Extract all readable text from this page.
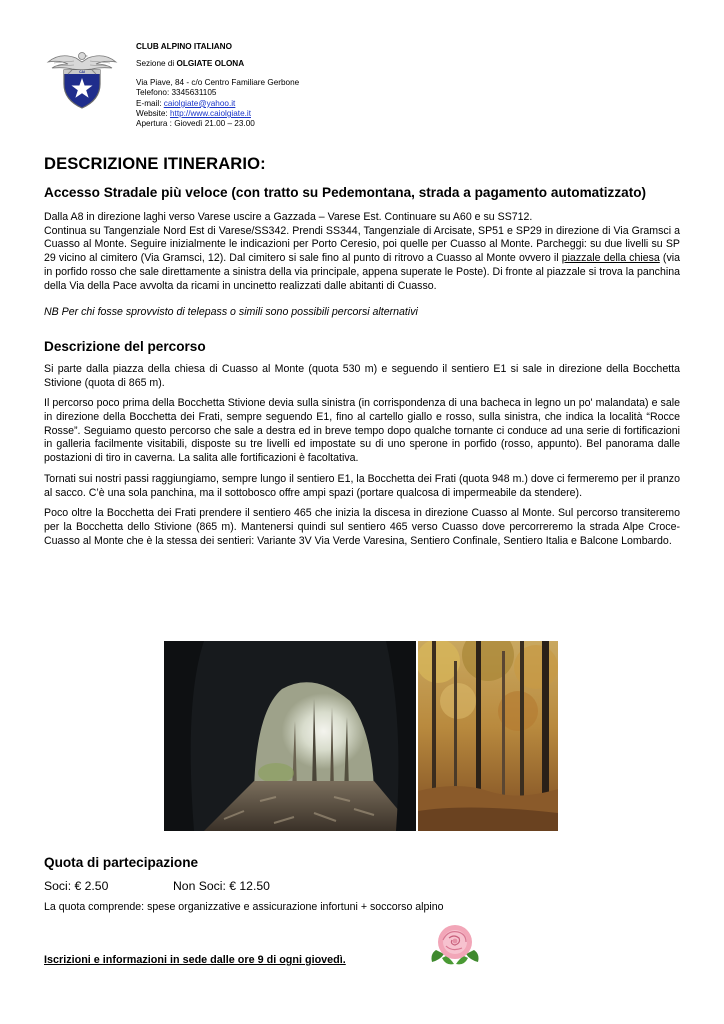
CAI
CLUB ALPINO ITALIANO
Sezione di OLGIATE OLONA
Via Piave, 84 - c/o Centro Familiare Gerbone
Telefono: 3345631105
E-mail: caiolgiate@yahoo.it
Website: http://www.caiolgiate.it
Apertura : Giovedì 21.00 – 23.00
DESCRIZIONE ITINERARIO:
Accesso Stradale più veloce (con tratto su Pedemontana, strada a pagamento automatizzato)

Dalla A8 in direzione laghi verso Varese uscire a Gazzada – Varese Est. Continuare su A60 e su SS712.

Continua su Tangenziale Nord Est di Varese/SS342. Prendi SS344, Tangenziale di Arcisate, SP51 e SP29 in direzione di Via Gramsci a Cuasso al Monte. Seguire inizialmente le indicazioni per Porto Ceresio, poi quelle per Cuasso al Monte. Parcheggi: su due livelli su SP 29 vicino al cimitero (Via Gramsci, 12). Dal cimitero si sale fino al punto di ritrovo a Cuasso al Monte ovvero il piazzale della chiesa (via in porfido rosso che sale direttamente a sinistra della via principale, appena superate le Poste). Di fronte al piazzale si trova la panchina della Via della Pace avvolta da ricami in uncinetto realizzati dalle abitanti di Cuasso.

NB Per chi fosse sprovvisto di telepass o simili sono possibili percorsi alternativi

Descrizione del percorso

Si parte dalla piazza della chiesa di Cuasso al Monte (quota 530 m) e seguendo il sentiero E1 si sale in direzione della Bocchetta Stivione (quota di 865 m).

Il percorso poco prima della Bocchetta Stivione devia sulla sinistra (in corrispondenza di una bacheca in legno un po' malandata) e sale in direzione della Bocchetta dei Frati, sempre seguendo E1, fino al cartello giallo e rosso, sulla sinistra, che indica la località “Rocce Rosse”. Seguiamo questo percorso che sale a destra ed in breve tempo dopo qualche tornante ci conduce ad una serie di fortificazioni in galleria facilmente visitabili, disposte su tre livelli ed impostate su di uno sperone in porfido (rosso, appunto). Bel panorama dalle postazioni di tiro in caverna. La salita alle fortificazioni è facoltativa.

Tornati sui nostri passi raggiungiamo, sempre lungo il sentiero E1, la Bocchetta dei Frati (quota 948 m.) dove ci fermeremo per il pranzo al sacco. C’è una sola panchina, ma il sottobosco offre ampi spazi (portare qualcosa di impermeabile da stendere).

Poco oltre la Bocchetta dei Frati prendere il sentiero 465 che inizia la discesa in direzione Cuasso al Monte. Sul percorso transiteremo per la Bocchetta dello Stivione (865 m). Mantenersi quindi sul sentiero 465 verso Cuasso dove percorreremo la strada Alpe Croce-Cuasso al Monte che è la stessa dei sentieri: Variante 3V Via Verde Varesina, Sentiero Confinale, Sentiero Italia e Balcone Lombardo.

Quota di partecipazione
Soci: € 2.50	Non Soci: € 12.50

La quota comprende: spese organizzative e assicurazione infortuni + soccorso alpino

Iscrizioni e informazioni in sede dalle ore 9 di ogni giovedì.
